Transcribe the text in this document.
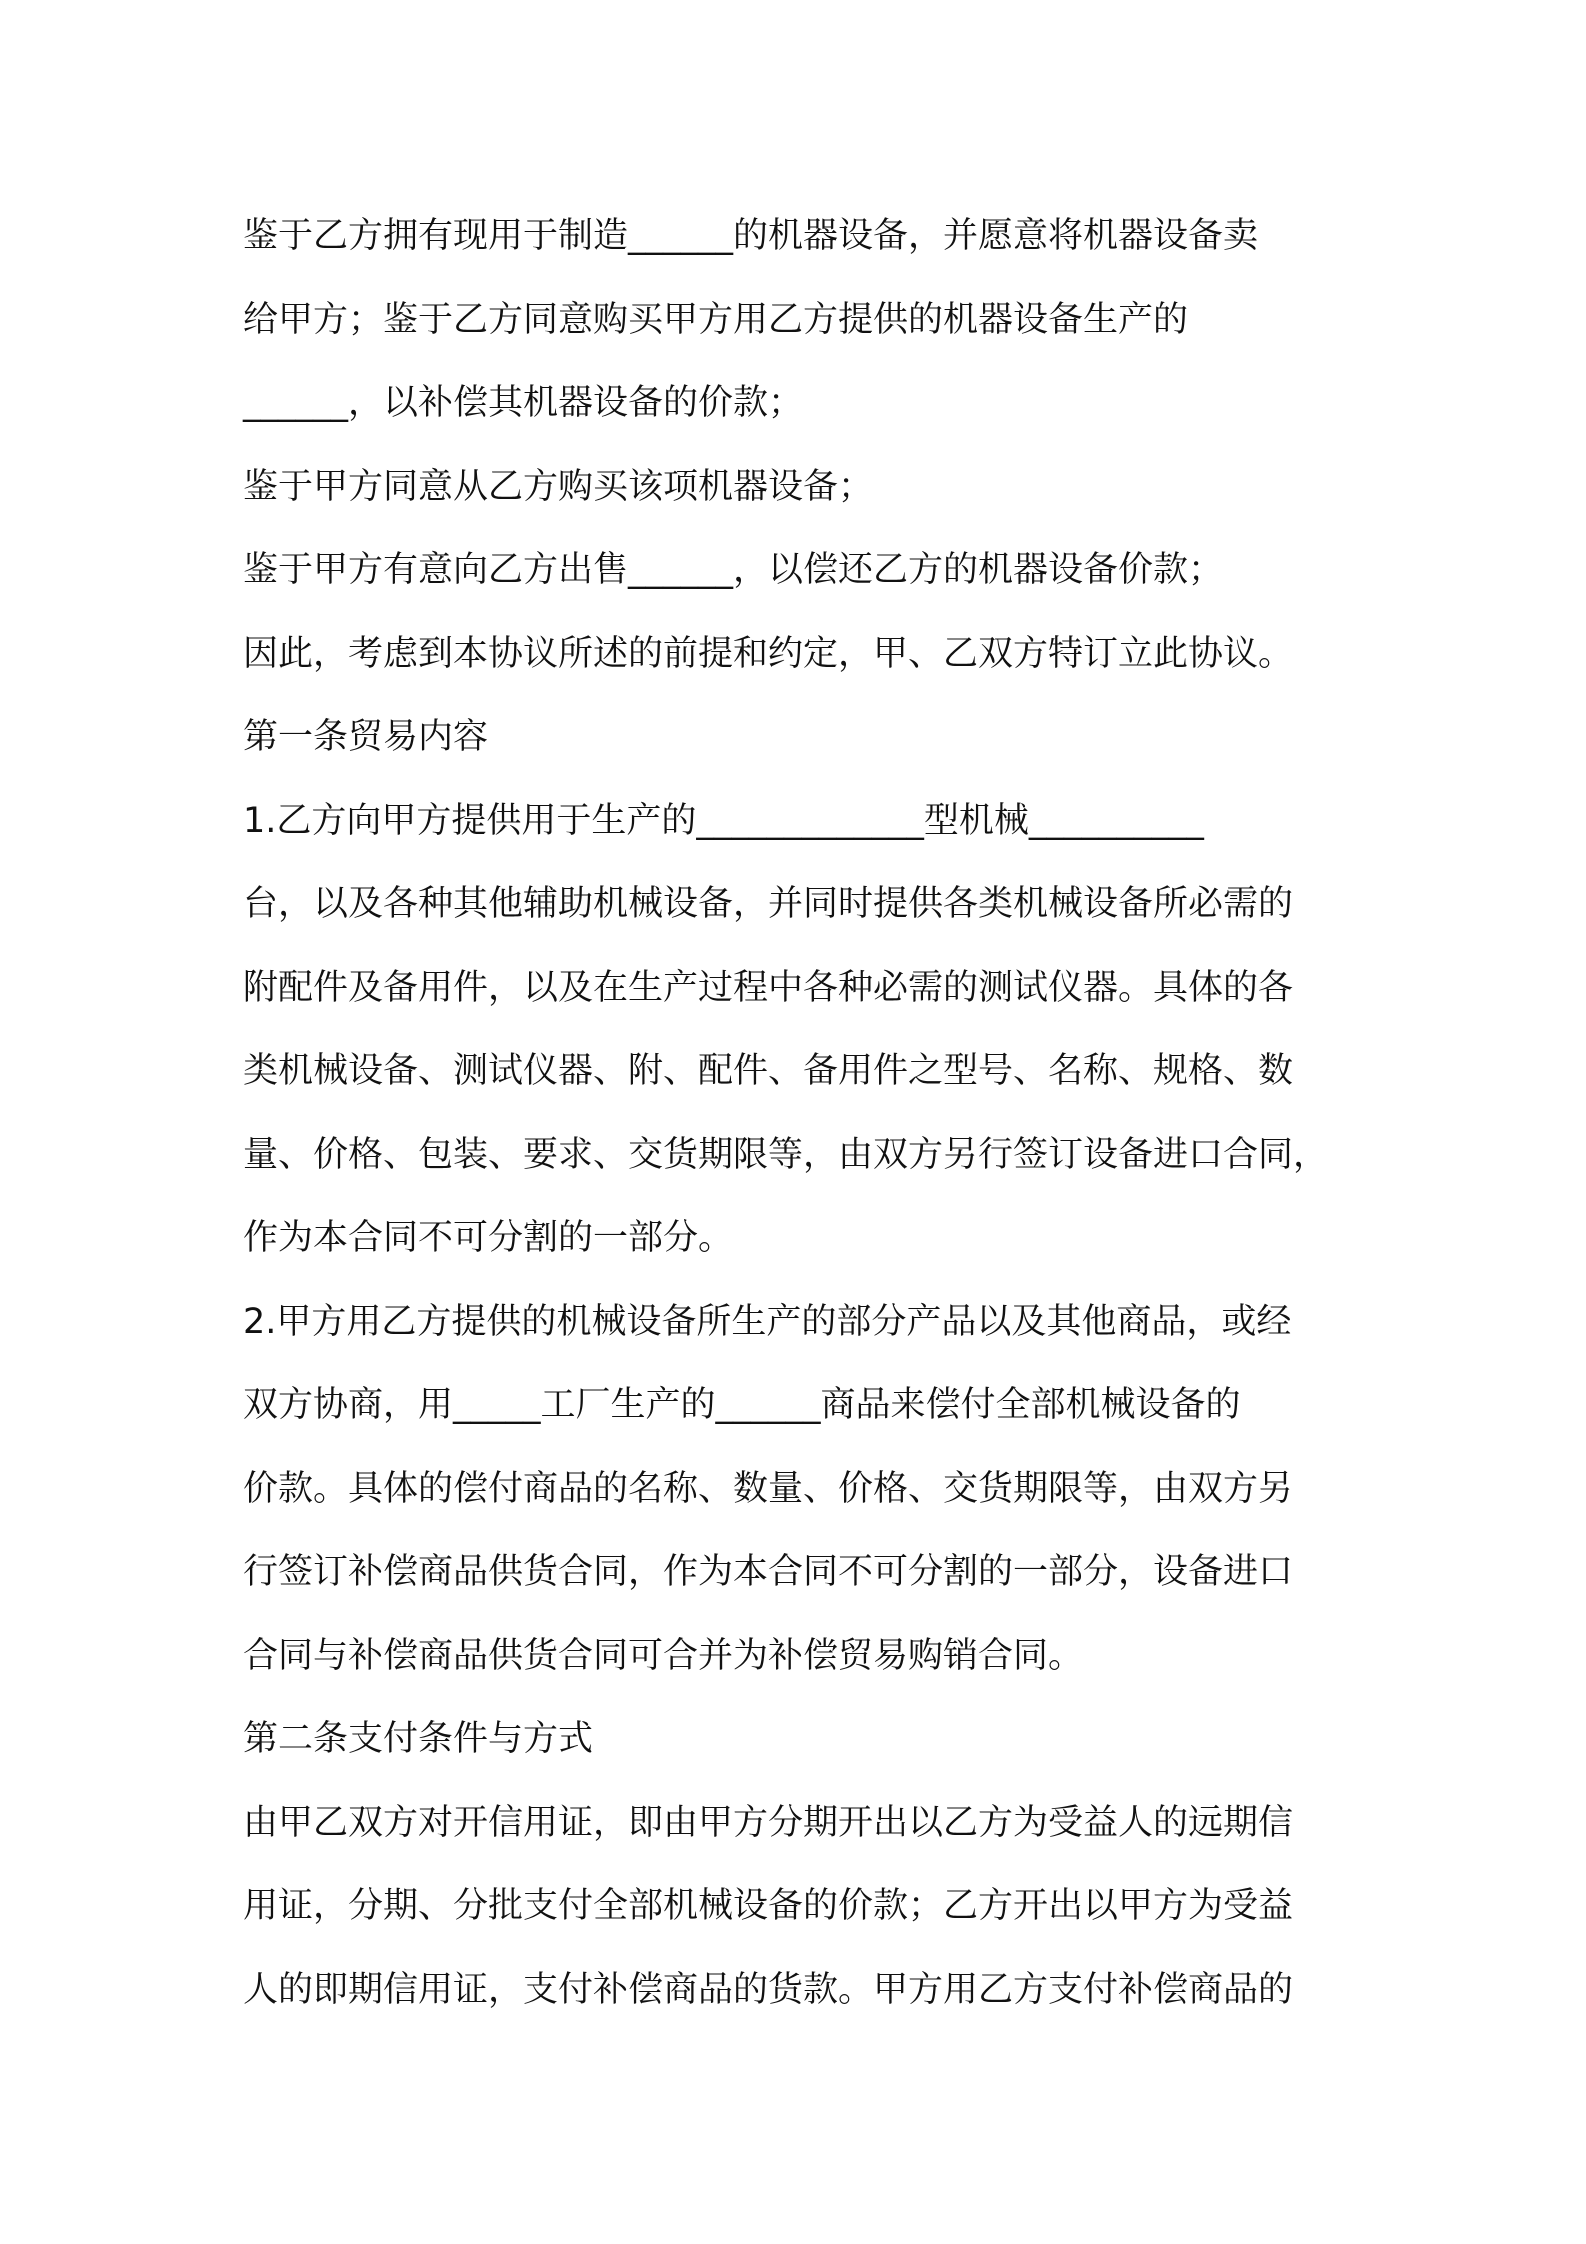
鉴于乙方拥有现用于制造______的机器设备，并愿意将机器设备卖
给甲方；鉴于乙方同意购买甲方用乙方提供的机器设备生产的
______，以补偿其机器设备的价款；
鉴于甲方同意从乙方购买该项机器设备；
鉴于甲方有意向乙方出售______，以偿还乙方的机器设备价款；
因此，考虑到本协议所述的前提和约定，甲、乙双方特订立此协议。
第一条贸易内容
1.乙方向甲方提供用于生产的_____________型机械__________
台，以及各种其他辅助机械设备，并同时提供各类机械设备所必需的
附配件及备用件，以及在生产过程中各种必需的测试仪器。具体的各
类机械设备、测试仪器、附、配件、备用件之型号、名称、规格、数
量、价格、包装、要求、交货期限等，由双方另行签订设备进口合同，
作为本合同不可分割的一部分。
2.甲方用乙方提供的机械设备所生产的部分产品以及其他商品，或经
双方协商，用_____工厂生产的______商品来偿付全部机械设备的
价款。具体的偿付商品的名称、数量、价格、交货期限等，由双方另
行签订补偿商品供货合同，作为本合同不可分割的一部分，设备进口
合同与补偿商品供货合同可合并为补偿贸易购销合同。
第二条支付条件与方式
由甲乙双方对开信用证，即由甲方分期开出以乙方为受益人的远期信
用证，分期、分批支付全部机械设备的价款；乙方开出以甲方为受益
人的即期信用证，支付补偿商品的货款。甲方用乙方支付补偿商品的
